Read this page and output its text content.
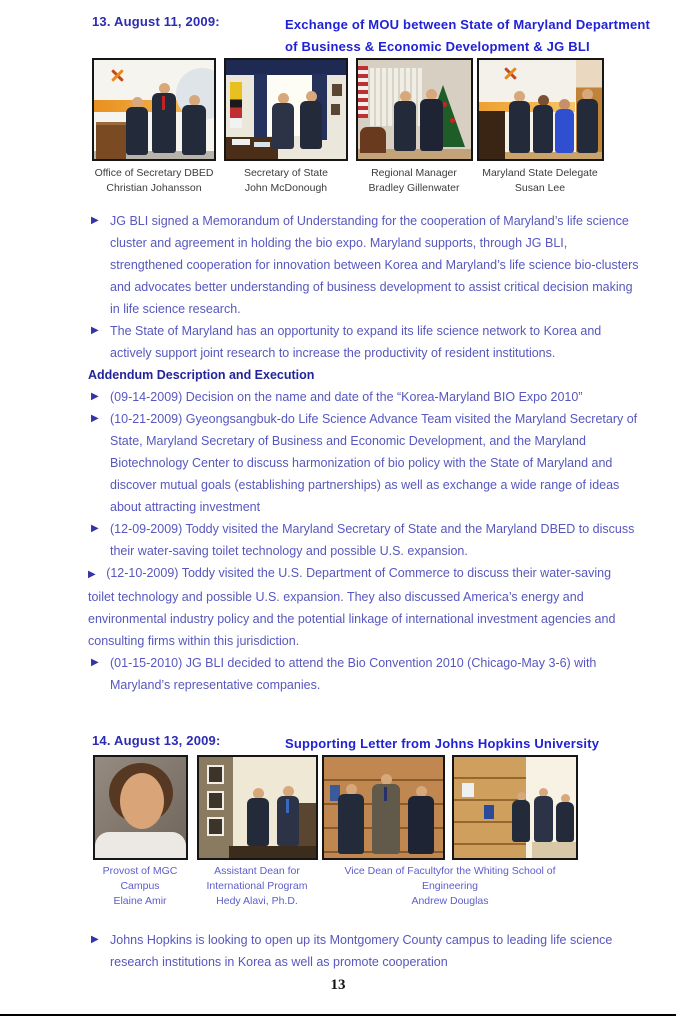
13. August 11, 2009:	Exchange of MOU between State of Maryland Department of Business & Economic Development & JG BLI
Office of Secretary DBED
Christian Johansson
Secretary of State
John McDonough
Regional Manager
Bradley Gillenwater
Maryland State Delegate
Susan Lee
▶ JG BLI signed a Memorandum of Understanding for the cooperation of Maryland’s life science cluster and agreement in holding the bio expo. Maryland supports, through JG BLI, strengthened cooperation for innovation between Korea and Maryland’s life science bio-clusters and advocates better understanding of business development to assist critical decision making in life science research.
▶ The State of Maryland has an opportunity to expand its life science network to Korea and actively support joint research to increase the productivity of resident institutions.
Addendum Description and Execution
▶ (09-14-2009) Decision on the name and date of the “Korea-Maryland BIO Expo 2010”
▶ (10-21-2009) Gyeongsangbuk-do Life Science Advance Team visited the Maryland Secretary of State, Maryland Secretary of Business and Economic Development, and the Maryland Biotechnology Center to discuss harmonization of bio policy with the State of Maryland and discover mutual goals (establishing partnerships) as well as exchange a wide range of ideas about attracting investment
▶ (12-09-2009) Toddy visited the Maryland Secretary of State and the Maryland DBED to discuss their water-saving toilet technology and possible U.S. expansion.
▶ (12-10-2009) Toddy visited the U.S. Department of Commerce to discuss their water-saving toilet technology and possible U.S. expansion. They also discussed America’s energy and environmental industry policy and the potential linkage of international investment agencies and consulting firms within this jurisdiction.
▶ (01-15-2010) JG BLI decided to attend the Bio Convention 2010 (Chicago-May 3-6) with Maryland’s representative companies.
14. August 13, 2009:	Supporting Letter from Johns Hopkins University
Provost of MGC Campus
Elaine Amir
Assistant Dean for International Program
Hedy Alavi, Ph.D.
Vice Dean of Facultyfor the Whiting School of Engineering
Andrew Douglas
▶ Johns Hopkins is looking to open up its Montgomery County campus to leading life science research institutions in Korea as well as promote cooperation
13
